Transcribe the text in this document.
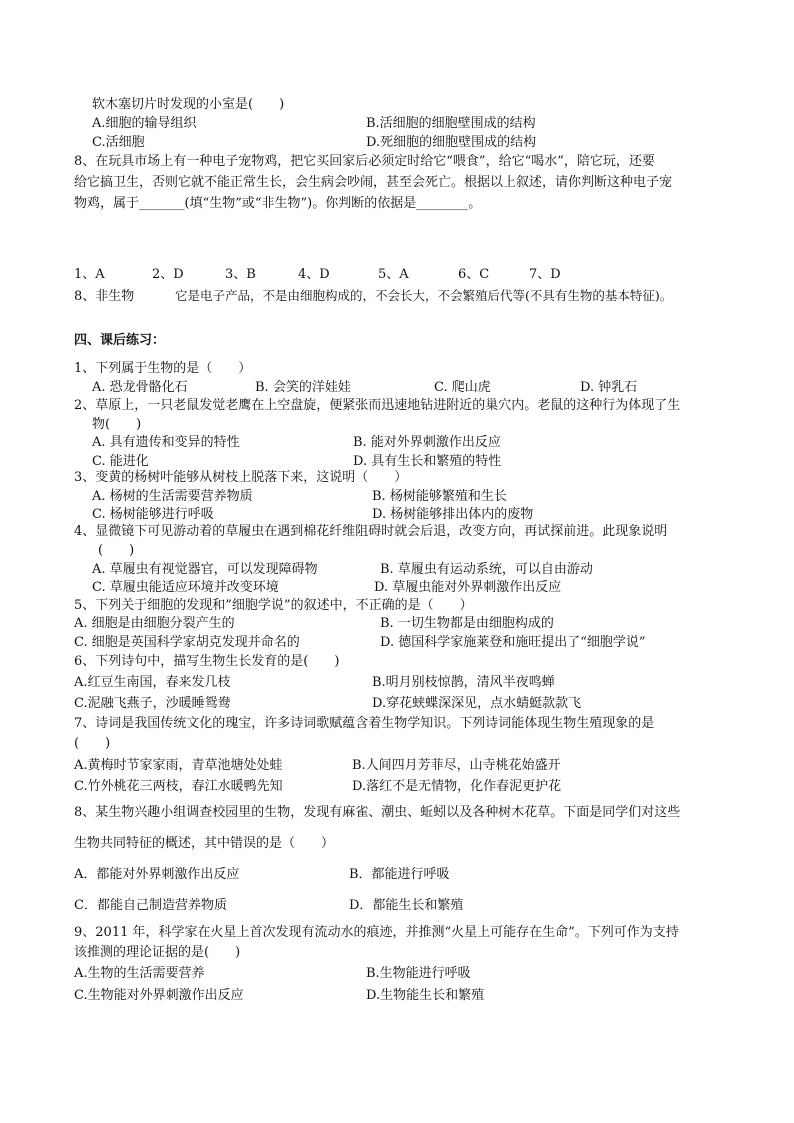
软木塞切片时发现的小室是(　　)
A.细胞的输导组织	B.活细胞的细胞壁围成的结构
C.活细胞	D.死细胞的细胞壁围成的结构
8、在玩具市场上有一种电子宠物鸡，把它买回家后必须定时给它“喂食”，给它“喝水”，陪它玩，还要
给它搞卫生，否则它就不能正常生长，会生病会吵闹，甚至会死亡。根据以上叙述，请你判断这种电子宠
物鸡，属于_______(填“生物”或“非生物”)。你判断的依据是________。
1、A	2、D	3、B	4、D	5、A	6、C	7、D
8、非生物	它是电子产品，不是由细胞构成的，不会长大，不会繁殖后代等(不具有生物的基本特征)。
四、课后练习：
1、下列属于生物的是（　　）
A. 恐龙骨骼化石	B. 会笑的洋娃娃	C. 爬山虎	D. 钟乳石
2、草原上，一只老鼠发觉老鹰在上空盘旋，便紧张而迅速地钻进附近的巢穴内。老鼠的这种行为体现了生
物(　　)
A. 具有遗传和变异的特性	B. 能对外界刺激作出反应
C. 能进化	D. 具有生长和繁殖的特性
3、变黄的杨树叶能够从树枝上脱落下来，这说明（　　）
A. 杨树的生活需要营养物质	B. 杨树能够繁殖和生长
C. 杨树能够进行呼吸	D. 杨树能够排出体内的废物
4、显微镜下可见游动着的草履虫在遇到棉花纤维阻碍时就会后退，改变方向，再试探前进。此现象说明
(　　)
A. 草履虫有视觉器官，可以发现障碍物	B. 草履虫有运动系统，可以自由游动
C. 草履虫能适应环境并改变环境	D. 草履虫能对外界刺激作出反应
5、下列关于细胞的发现和”细胞学说”的叙述中，不正确的是（　　）
A. 细胞是由细胞分裂产生的	B. 一切生物都是由细胞构成的
C. 细胞是英国科学家胡克发现并命名的	D. 德国科学家施莱登和施旺提出了“细胞学说”
6、下列诗句中，描写生物生长发育的是(　　)
A.红豆生南国，春来发几枝	B.明月别枝惊鹊，清风半夜鸣蝉
C.泥融飞燕子，沙暖睡鸳鸯	D.穿花蛱蝶深深见，点水蜻蜓款款飞
7、诗词是我国传统文化的瑰宝，许多诗词歌赋蕴含着生物学知识。下列诗词能体现生物生殖现象的是
(　　)
A.黄梅时节家家雨，青草池塘处处蛙	B.人间四月芳菲尽，山寺桃花始盛开
C.竹外桃花三两枝，春江水暖鸭先知	D.落红不是无情物，化作春泥更护花
8、某生物兴趣小组调查校园里的生物，发现有麻雀、潮虫、蚯蚓以及各种树木花草。下面是同学们对这些
生物共同特征的概述，其中错误的是（　　）
A．都能对外界刺激作出反应	B．都能进行呼吸
C．都能自己制造营养物质	D．都能生长和繁殖
9、2011 年，科学家在火星上首次发现有流动水的痕迹，并推测“火星上可能存在生命”。下列可作为支持
该推测的理论证据的是(　　)
A.生物的生活需要营养	B.生物能进行呼吸
C.生物能对外界刺激作出反应	D.生物能生长和繁殖
